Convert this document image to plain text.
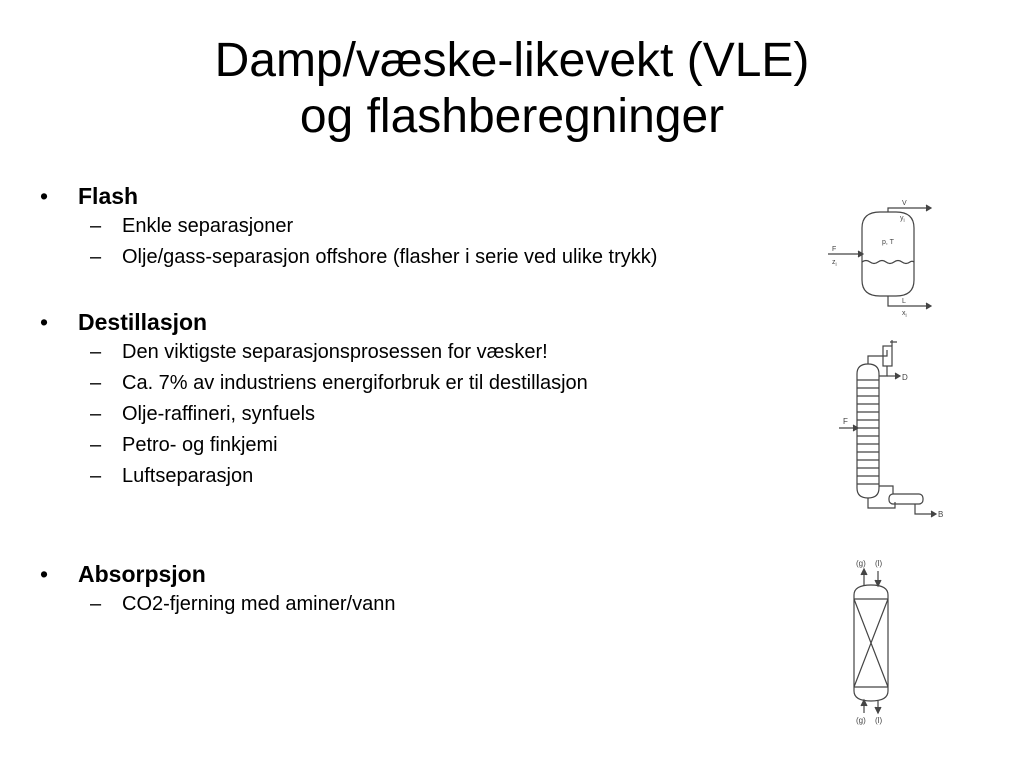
Damp/væske-likevekt (VLE)
og flashberegninger
• Flash
– Enkle separasjoner
– Olje/gass-separasjon offshore (flasher i serie ved ulike trykk)
• Destillasjon
– Den viktigste separasjonsprosessen for væsker!
– Ca. 7% av industriens energiforbruk er til destillasjon
– Olje-raffineri, synfuels
– Petro- og finkjemi
– Luftseparasjon
• Absorpsjon
– CO2-fjerning med aminer/vann
V
$y_i$
p, T
F
$z_i$
L
$x_i$
D
F
B
(g) (l)
(g) (l)
